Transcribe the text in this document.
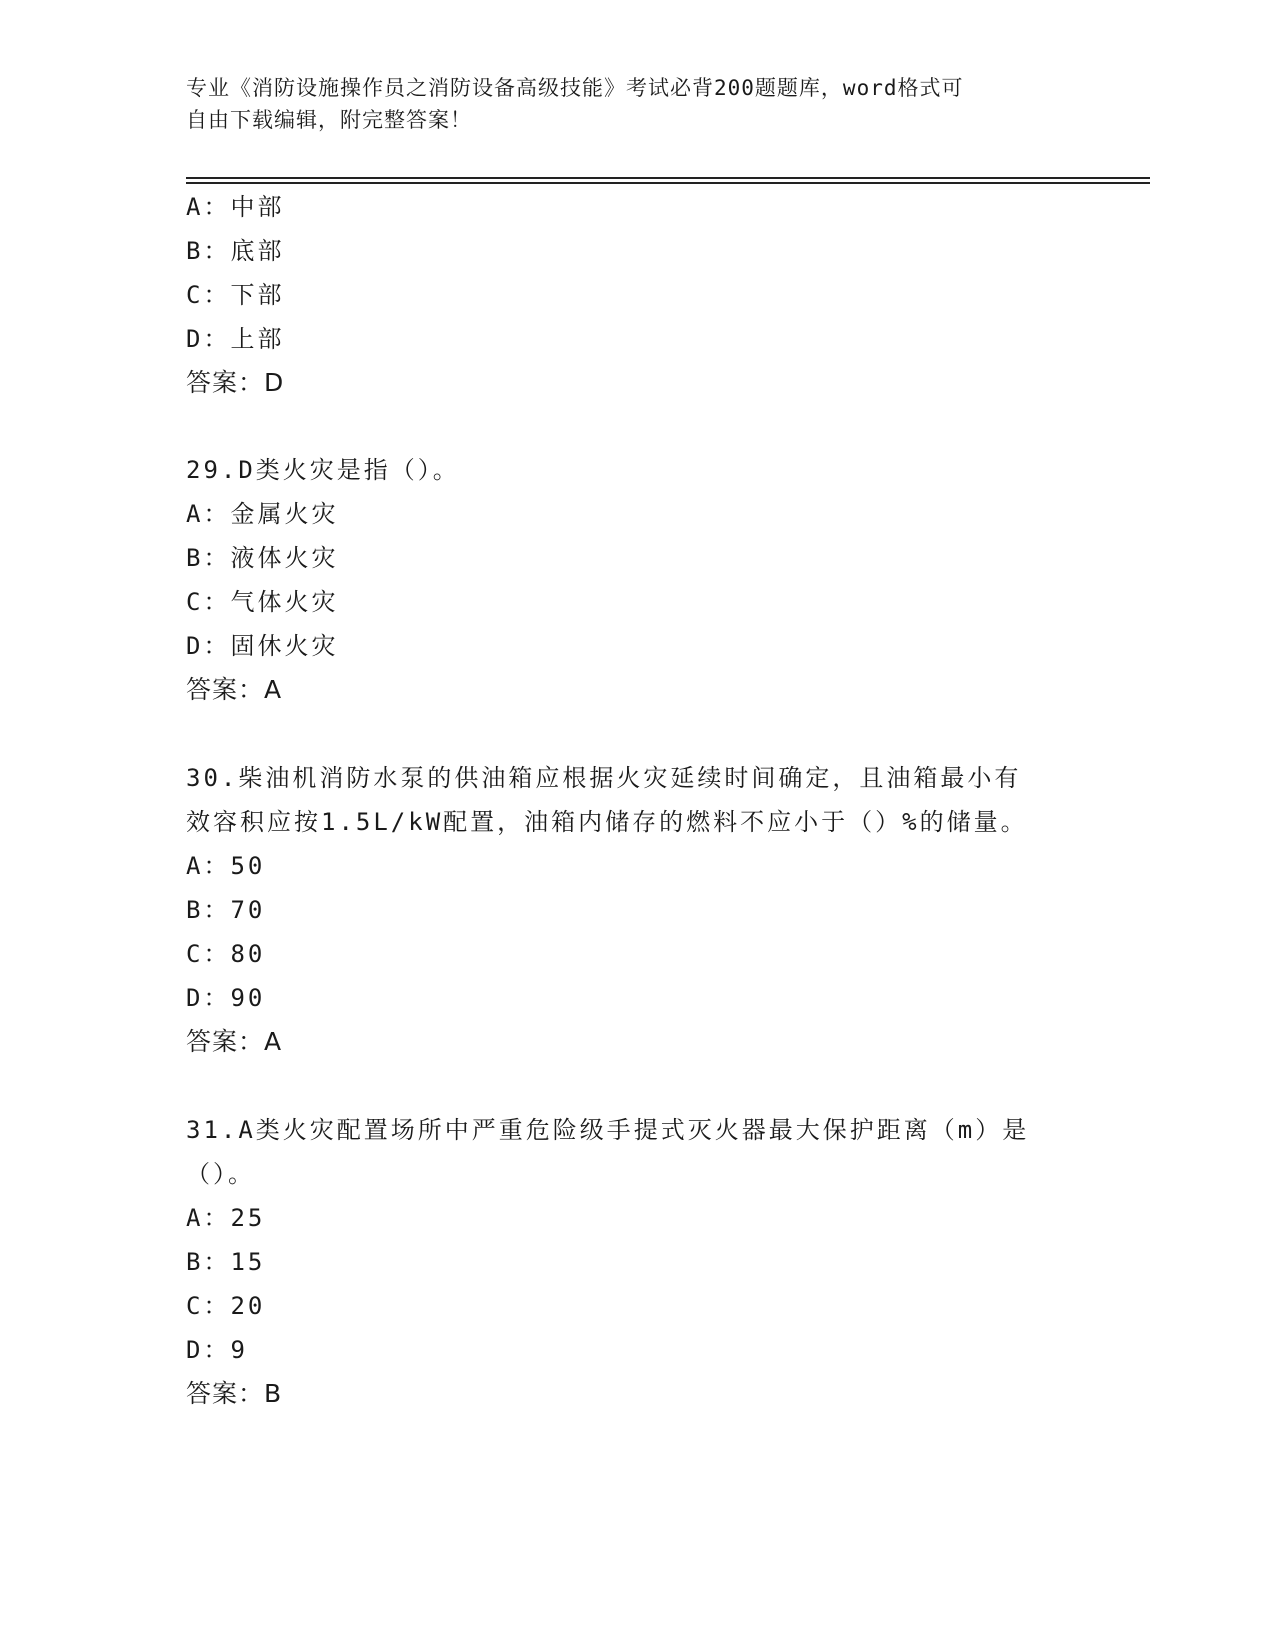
专业《消防设施操作员之消防设备高级技能》考试必背200题题库，word格式可
自由下载编辑，附完整答案！
A：中部
B：底部
C：下部
D：上部
答案：D
29.D类火灾是指（）。
A：金属火灾
B：液体火灾
C：气体火灾
D：固休火灾
答案：A
30.柴油机消防水泵的供油箱应根据火灾延续时间确定，且油箱最小有
效容积应按1.5L/kW配置，油箱内储存的燃料不应小于（）%的储量。
A：50
B：70
C：80
D：90
答案：A
31.A类火灾配置场所中严重危险级手提式灭火器最大保护距离（m）是
（）。
A：25
B：15
C：20
D：9
答案：B
